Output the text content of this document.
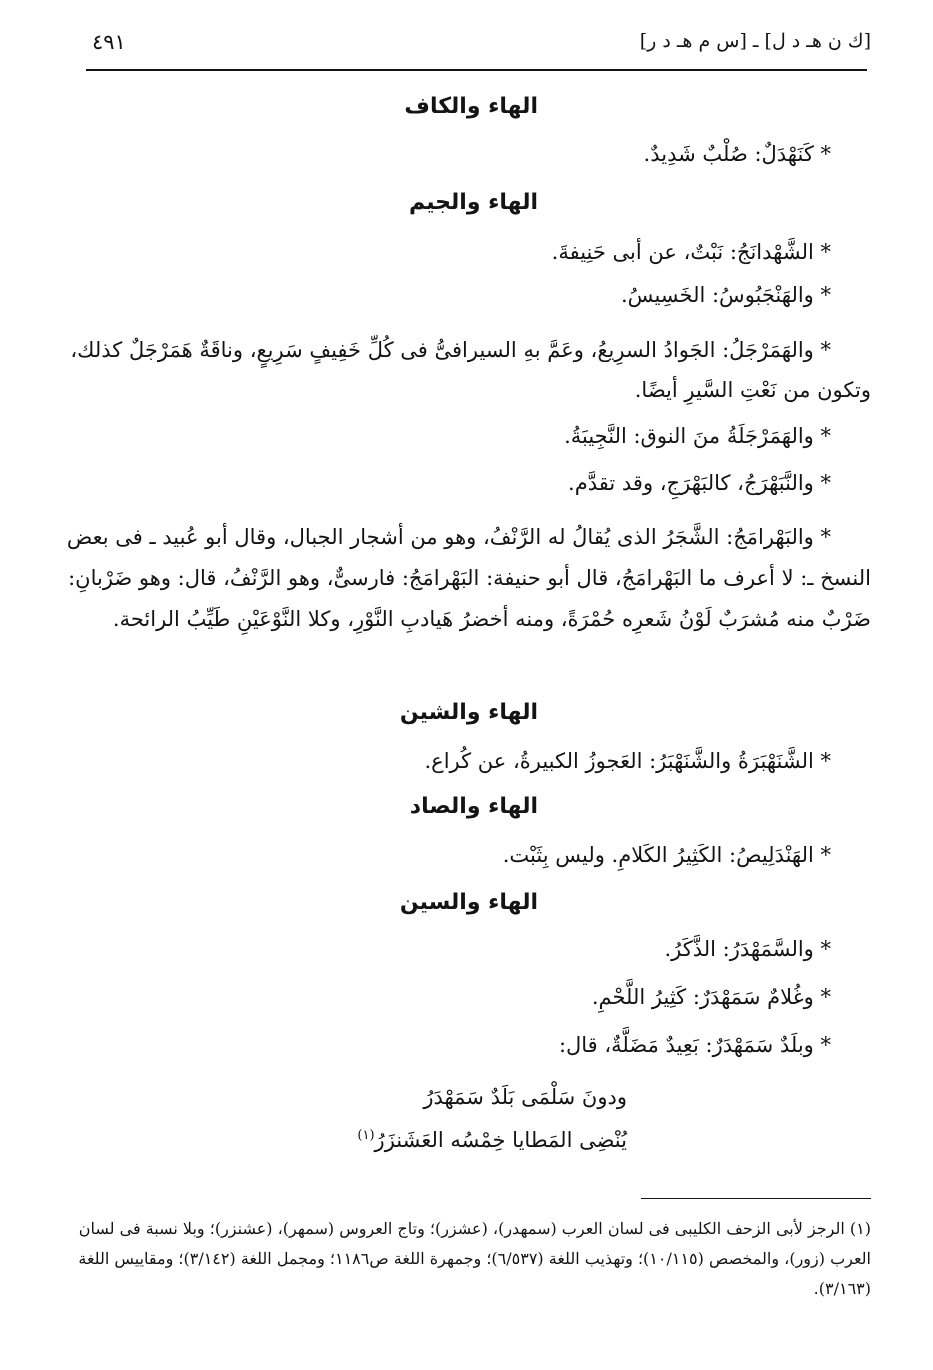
[ك ن هـ د ل] ـ [س م هـ د ر]
٤٩١
الهاء والكاف
* كَنَهْدَلٌ: صُلْبٌ شَدِيدٌ.
الهاء والجيم
* الشَّهْدانَجُ: نَبْتٌ، عن أبى حَنِيفةَ.
* والهَنْجَبُوسُ: الخَسِيسُ.
* والهَمَرْجَلُ: الجَوادُ السرِيعُ، وعَمَّ بهِ السيرافىُّ فى كُلِّ خَفِيفٍ سَرِيعٍ، وناقَةٌ هَمَرْجَلٌ كذلك، وتكون من نَعْتِ السَّيرِ أيضًا.
* والهَمَرْجَلَةُ منَ النوق: النَّجِيبَةُ.
* والنَّبَهْرَجُ، كالبَهْرَجِ، وقد تقدَّم.
* والبَهْرامَجُ: الشَّجَرُ الذى يُقالُ له الرَّنْفُ، وهو من أشجار الجبال، وقال أبو عُبيد ـ فى بعض النسخ ـ: لا أعرف ما البَهْرامَجُ، قال أبو حنيفة: البَهْرامَجُ: فارسىٌّ، وهو الرَّنْفُ، قال: وهو ضَرْبانِ: ضَرْبٌ منه مُشرَبٌ لَوْنُ شَعرِه حُمْرَةً، ومنه أخضرُ هَيادبِ النَّوْرِ، وكلا النَّوْعَيْنِ طَيِّبُ الرائحة.
الهاء والشين
* الشَّنَهْبَرَةُ والشَّنَهْبَرُ: العَجوزُ الكبيرةُ، عن كُراع.
الهاء والصاد
* الهَنْدَلِيصُ: الكَثِيرُ الكَلامِ. وليس بِثَبْت.
الهاء والسين
* والسَّمَهْدَرُ: الذَّكَرُ.
* وغُلامٌ سَمَهْدَرٌ: كَثِيرُ اللَّحْمِ.
* وبلَدٌ سَمَهْدَرٌ: بَعِيدٌ مَضَلَّةٌ، قال:
ودونَ سَلْمَى بَلَدٌ سَمَهْدَرُ
يُنْضِى المَطايا خِمْسُه العَشَنزَرُ$^{(١)}$
(١) الرجز لأبى الزحف الكليبى فى لسان العرب (سمهدر)، (عشزر)؛ وتاج العروس (سمهر)، (عشنزر)؛ وبلا نسبة فى لسان العرب (زور)، والمخصص (١٠/١١٥)؛ وتهذيب اللغة (٦/٥٣٧)؛ وجمهرة اللغة ص١١٨٦؛ ومجمل اللغة (٣/١٤٢)؛ ومقاييس اللغة (٣/١٦٣).
